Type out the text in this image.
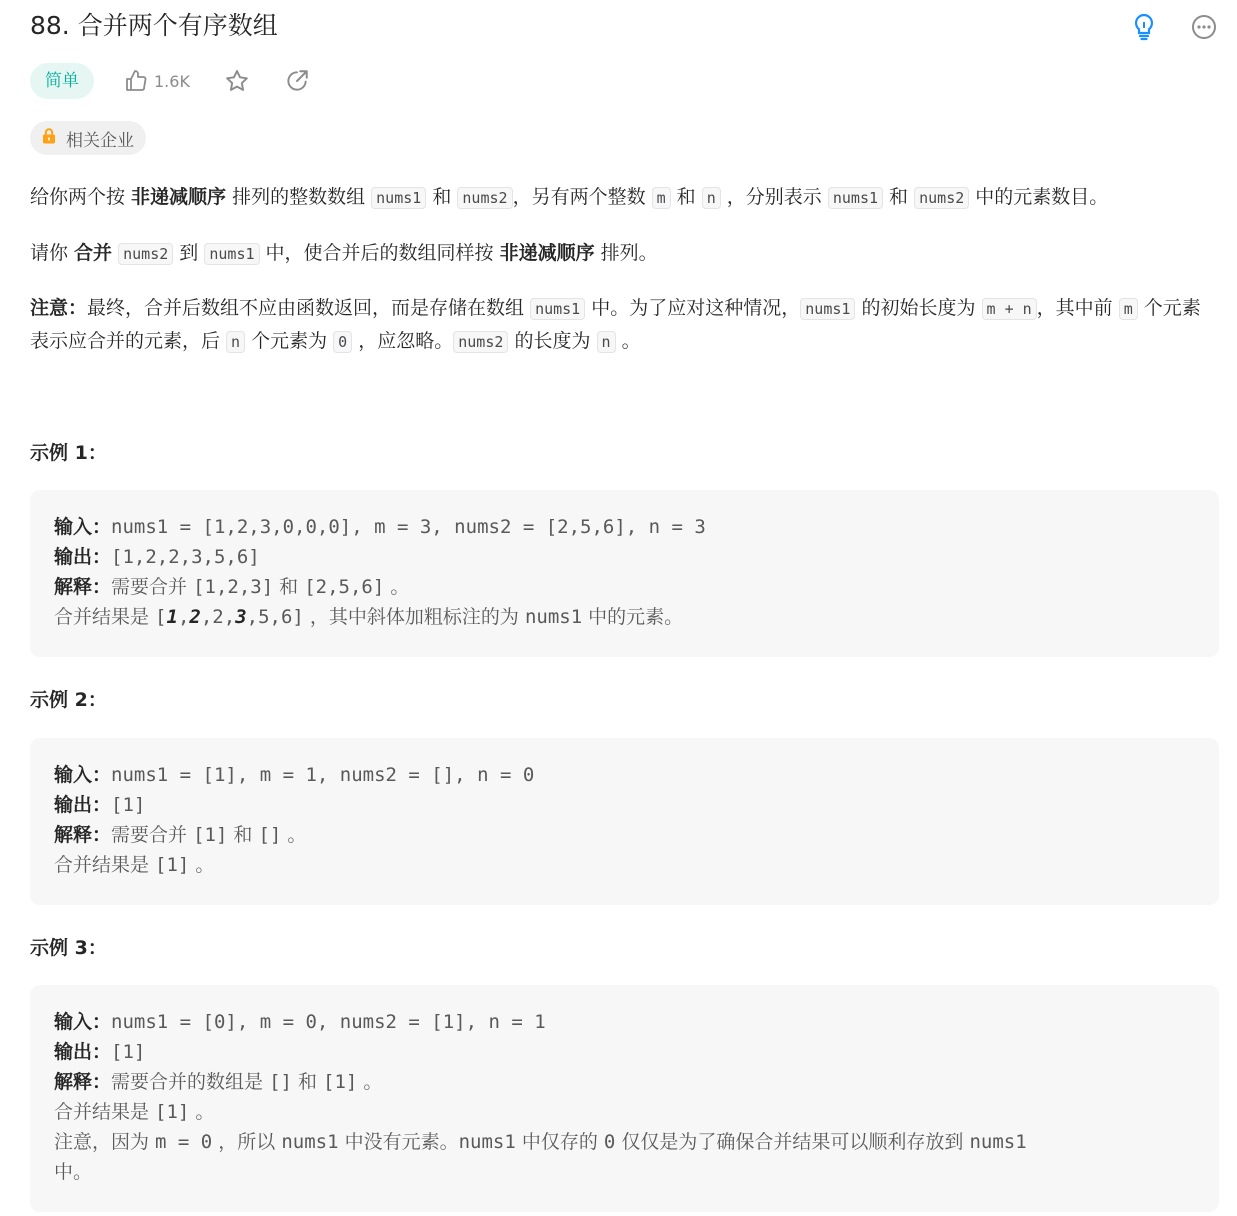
88. 合并两个有序数组
简单	1.6K
相关企业
给你两个按 非递减顺序 排列的整数数组 nums1 和 nums2 ，另有两个整数 m 和 n ，分别表示 nums1 和 nums2 中的元素数目。
请你 合并 nums2 到 nums1 中，使合并后的数组同样按 非递减顺序 排列。
注意：最终，合并后数组不应由函数返回，而是存储在数组 nums1 中。为了应对这种情况， nums1 的初始长度为 m + n ，其中前 m 个元素表示应合并的元素，后 n 个元素为 0 ，应忽略。 nums2 的长度为 n 。
示例 1：
输入：nums1 = [1,2,3,0,0,0], m = 3, nums2 = [2,5,6], n = 3
输出：[1,2,2,3,5,6]
解释：需要合并 [1,2,3] 和 [2,5,6] 。
合并结果是 [1,2,2,3,5,6] ，其中斜体加粗标注的为 nums1 中的元素。
示例 2：
输入：nums1 = [1], m = 1, nums2 = [], n = 0
输出：[1]
解释：需要合并 [1] 和 [] 。
合并结果是 [1] 。
示例 3：
输入：nums1 = [0], m = 0, nums2 = [1], n = 1
输出：[1]
解释：需要合并的数组是 [] 和 [1] 。
合并结果是 [1] 。
注意，因为 m = 0 ，所以 nums1 中没有元素。nums1 中仅存的 0 仅仅是为了确保合并结果可以顺利存放到 nums1
中。
